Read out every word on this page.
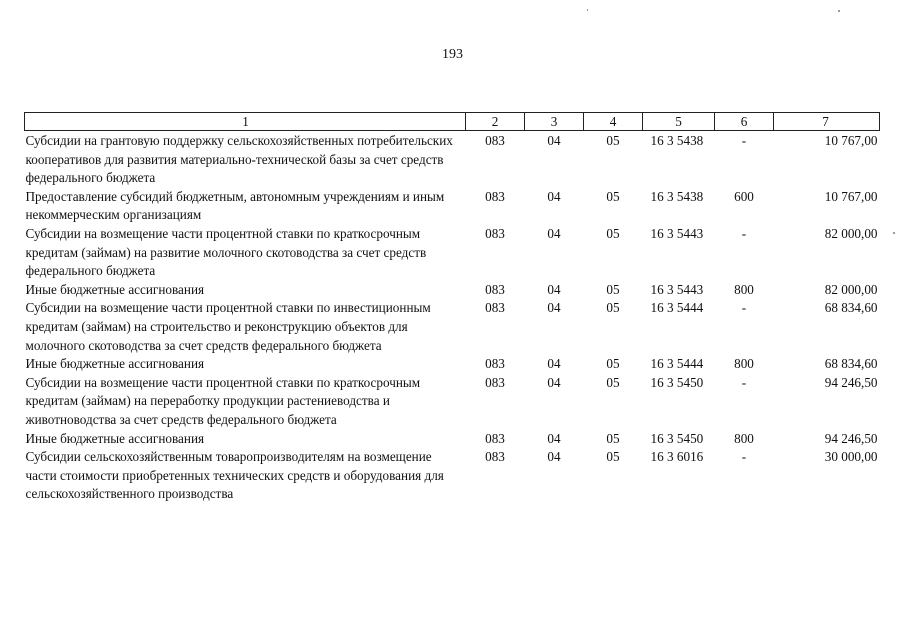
193
1	2	3	4	5	6	7
Субсидии на грантовую поддержку сельскохозяйственных потребительских кооперативов для развития материально-технической базы за счет средств федерального бюджета	083	04	05	16 3 5438	-	10 767,00
Предоставление субсидий бюджетным, автономным учреждениям и иным некоммерческим организациям	083	04	05	16 3 5438	600	10 767,00
Субсидии на возмещение части процентной ставки по краткосрочным кредитам (займам) на развитие молочного скотоводства за счет средств федерального бюджета	083	04	05	16 3 5443	-	82 000,00
Иные бюджетные ассигнования	083	04	05	16 3 5443	800	82 000,00
Субсидии на возмещение части процентной ставки по инвестиционным кредитам (займам) на строительство и реконструкцию объектов для молочного скотоводства за счет средств федерального бюджета	083	04	05	16 3 5444	-	68 834,60
Иные бюджетные ассигнования	083	04	05	16 3 5444	800	68 834,60
Субсидии на возмещение части процентной ставки по краткосрочным кредитам (займам) на переработку продукции растениеводства и животноводства за счет средств федерального бюджета	083	04	05	16 3 5450	-	94 246,50
Иные бюджетные ассигнования	083	04	05	16 3 5450	800	94 246,50
Субсидии сельскохозяйственным товаропроизводителям на возмещение части стоимости приобретенных технических средств и оборудования для сельскохозяйственного производства	083	04	05	16 3 6016	-	30 000,00
